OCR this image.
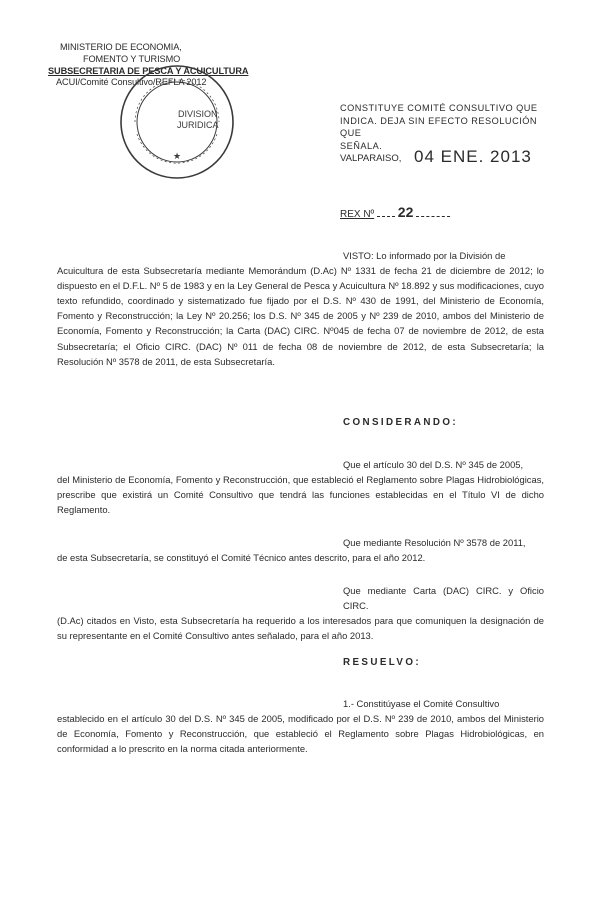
MINISTERIO DE ECONOMIA,
FOMENTO Y TURISMO
SUBSECRETARIA DE PESCA Y ACUICULTURA
ACUI/Comité Consultivo/REFLA 2012
★
DIVISION
JURIDICA
CONSTITUYE COMITÉ CONSULTIVO QUE
INDICA. DEJA SIN EFECTO RESOLUCIÓN QUE
SEÑALA.
VALPARAISO, 04 ENE. 2013
REX Nº 22
VISTO: Lo informado por la División de
Acuicultura de esta Subsecretaría mediante Memorándum (D.Ac) Nº 1331 de fecha 21 de diciembre de 2012; lo dispuesto en el D.F.L. Nº 5 de 1983 y en la Ley General de Pesca y Acuicultura Nº 18.892 y sus modificaciones, cuyo texto refundido, coordinado y sistematizado fue fijado por el D.S. Nº 430 de 1991, del Ministerio de Economía, Fomento y Reconstrucción; la Ley Nº 20.256; los D.S. Nº 345 de 2005 y Nº 239 de 2010, ambos del Ministerio de Economía, Fomento y Reconstrucción; la Carta (DAC) CIRC. Nº045 de fecha 07 de noviembre de 2012, de esta Subsecretaría; el Oficio CIRC. (DAC) Nº 011 de fecha 08 de noviembre de 2012, de esta Subsecretaría; la Resolución Nº 3578 de 2011, de esta Subsecretaría.
CONSIDERANDO:
Que el artículo 30 del D.S. Nº 345 de 2005,
del Ministerio de Economía, Fomento y Reconstrucción, que estableció el Reglamento sobre Plagas Hidrobiológicas, prescribe que existirá un Comité Consultivo que tendrá las funciones establecidas en el Título VI de dicho Reglamento.
Que mediante Resolución Nº 3578 de 2011,
de esta Subsecretaría, se constituyó el Comité Técnico antes descrito, para el año 2012.
Que mediante Carta (DAC) CIRC. y Oficio CIRC.
(D.Ac) citados en Visto, esta Subsecretaría ha requerido a los interesados para que comuniquen la designación de su representante en el Comité Consultivo antes señalado, para el año 2013.
RESUELVO:
1.- Constitúyase el Comité Consultivo
establecido en el artículo 30 del D.S. Nº 345 de 2005, modificado por el D.S. Nº 239 de 2010, ambos del Ministerio de Economía, Fomento y Reconstrucción, que estableció el Reglamento sobre Plagas Hidrobiológicas, en conformidad a lo prescrito en la norma citada anteriormente.
